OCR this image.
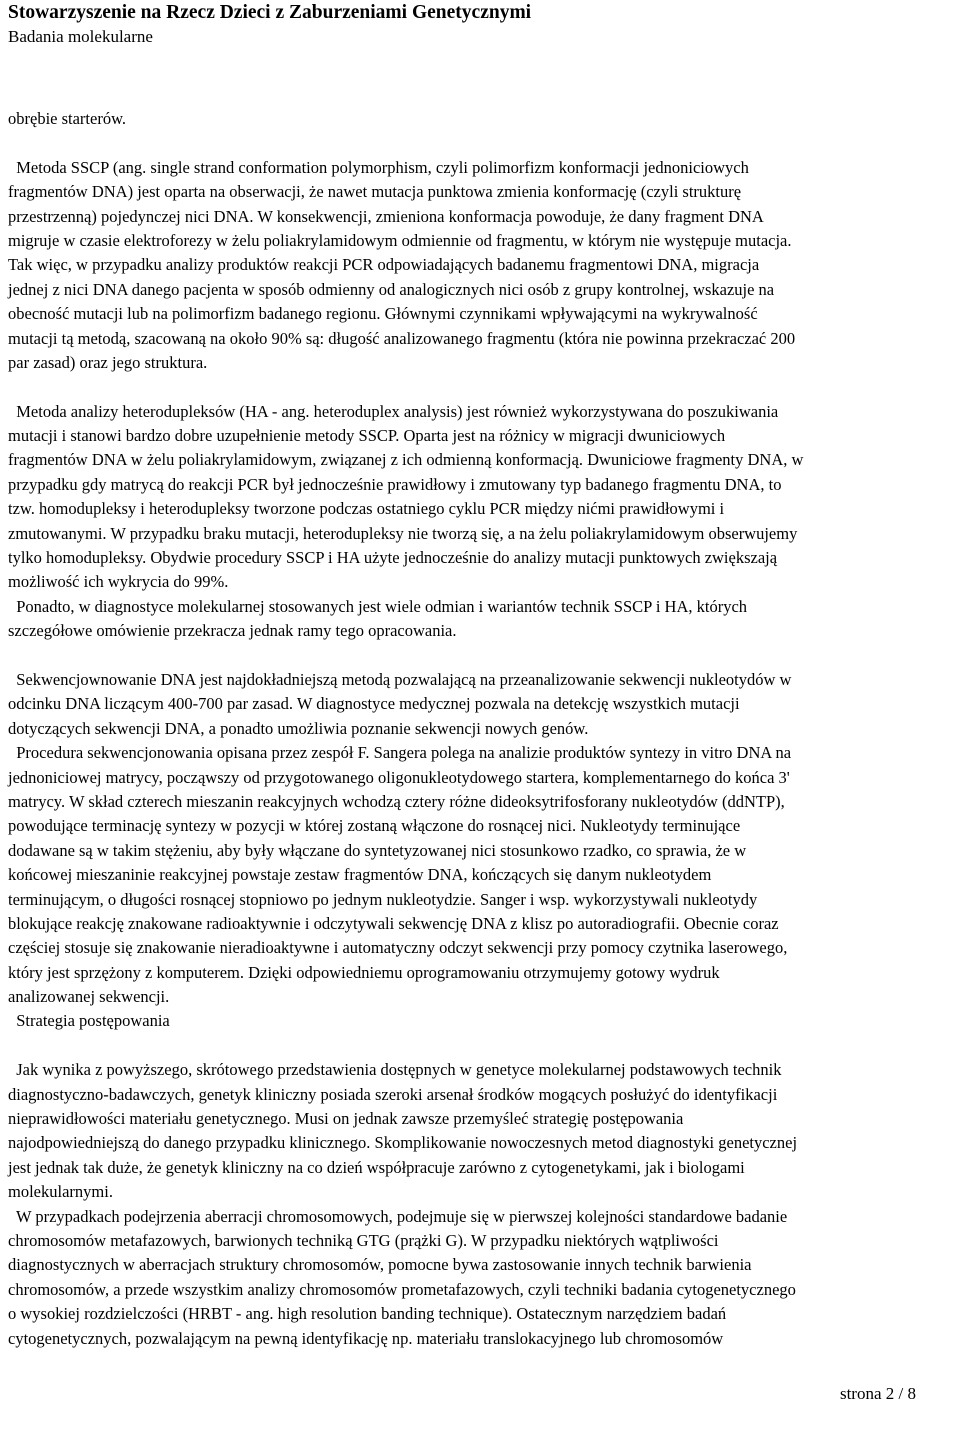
Stowarzyszenie na Rzecz Dzieci z Zaburzeniami Genetycznymi
Badania molekularne

obrębie starterów.

Metoda SSCP (ang. single strand conformation polymorphism, czyli polimorfizm konformacji jednoniciowych
fragmentów DNA) jest oparta na obserwacji, że nawet mutacja punktowa zmienia konformację (czyli strukturę
przestrzenną) pojedynczej nici DNA. W konsekwencji, zmieniona konformacja powoduje, że dany fragment DNA
migruje w czasie elektroforezy w żelu poliakrylamidowym odmiennie od fragmentu, w którym nie występuje mutacja.
Tak więc, w przypadku analizy produktów reakcji PCR odpowiadających badanemu fragmentowi DNA, migracja
jednej z nici DNA danego pacjenta w sposób odmienny od analogicznych nici osób z grupy kontrolnej, wskazuje na
obecność mutacji lub na polimorfizm badanego regionu. Głównymi czynnikami wpływającymi na wykrywalność
mutacji tą metodą, szacowaną na około 90% są: długość analizowanego fragmentu (która nie powinna przekraczać 200
par zasad) oraz jego struktura.

Metoda analizy heterodupleksów (HA - ang. heteroduplex analysis) jest również wykorzystywana do poszukiwania
mutacji i stanowi bardzo dobre uzupełnienie metody SSCP. Oparta jest na różnicy w migracji dwuniciowych
fragmentów DNA w żelu poliakrylamidowym, związanej z ich odmienną konformacją. Dwuniciowe fragmenty DNA, w
przypadku gdy matrycą do reakcji PCR był jednocześnie prawidłowy i zmutowany typ badanego fragmentu DNA, to
tzw. homodupleksy i heterodupleksy tworzone podczas ostatniego cyklu PCR między nićmi prawidłowymi i
zmutowanymi. W przypadku braku mutacji, heterodupleksy nie tworzą się, a na żelu poliakrylamidowym obserwujemy
tylko homodupleksy. Obydwie procedury SSCP i HA użyte jednocześnie do analizy mutacji punktowych zwiększają
możliwość ich wykrycia do 99%.
Ponadto, w diagnostyce molekularnej stosowanych jest wiele odmian i wariantów technik SSCP i HA, których
szczegółowe omówienie przekracza jednak ramy tego opracowania.

Sekwencjownowanie DNA jest najdokładniejszą metodą pozwalającą na przeanalizowanie sekwencji nukleotydów w
odcinku DNA liczącym 400-700 par zasad. W diagnostyce medycznej pozwala na detekcję wszystkich mutacji
dotyczących sekwencji DNA, a ponadto umożliwia poznanie sekwencji nowych genów.
Procedura sekwencjonowania opisana przez zespół F. Sangera polega na analizie produktów syntezy in vitro DNA na
jednoniciowej matrycy, począwszy od przygotowanego oligonukleotydowego startera, komplementarnego do końca 3'
matrycy. W skład czterech mieszanin reakcyjnych wchodzą cztery różne dideoksytrifosforany nukleotydów (ddNTP),
powodujące terminację syntezy w pozycji w której zostaną włączone do rosnącej nici. Nukleotydy terminujące
dodawane są w takim stężeniu, aby były włączane do syntetyzowanej nici stosunkowo rzadko, co sprawia, że w
końcowej mieszaninie reakcyjnej powstaje zestaw fragmentów DNA, kończących się danym nukleotydem
terminującym, o długości rosnącej stopniowo po jednym nukleotydzie. Sanger i wsp. wykorzystywali nukleotydy
blokujące reakcję znakowane radioaktywnie i odczytywali sekwencję DNA z klisz po autoradiografii. Obecnie coraz
częściej stosuje się znakowanie nieradioaktywne i automatyczny odczyt sekwencji przy pomocy czytnika laserowego,
który jest sprzężony z komputerem. Dzięki odpowiedniemu oprogramowaniu otrzymujemy gotowy wydruk
analizowanej sekwencji.
Strategia postępowania

Jak wynika z powyższego, skrótowego przedstawienia dostępnych w genetyce molekularnej podstawowych technik
diagnostyczno-badawczych, genetyk kliniczny posiada szeroki arsenał środków mogących posłużyć do identyfikacji
nieprawidłowości materiału genetycznego. Musi on jednak zawsze przemyśleć strategię postępowania
najodpowiedniejszą do danego przypadku klinicznego. Skomplikowanie nowoczesnych metod diagnostyki genetycznej
jest jednak tak duże, że genetyk kliniczny na co dzień współpracuje zarówno z cytogenetykami, jak i biologami
molekularnymi.
W przypadkach podejrzenia aberracji chromosomowych, podejmuje się w pierwszej kolejności standardowe badanie
chromosomów metafazowych, barwionych techniką GTG (prążki G). W przypadku niektórych wątpliwości
diagnostycznych w aberracjach struktury chromosomów, pomocne bywa zastosowanie innych technik barwienia
chromosomów, a przede wszystkim analizy chromosomów prometafazowych, czyli techniki badania cytogenetycznego
o wysokiej rozdzielczości (HRBT - ang. high resolution banding technique). Ostatecznym narzędziem badań
cytogenetycznych, pozwalającym na pewną identyfikację np. materiału translokacyjnego lub chromosomów

strona 2 / 8
